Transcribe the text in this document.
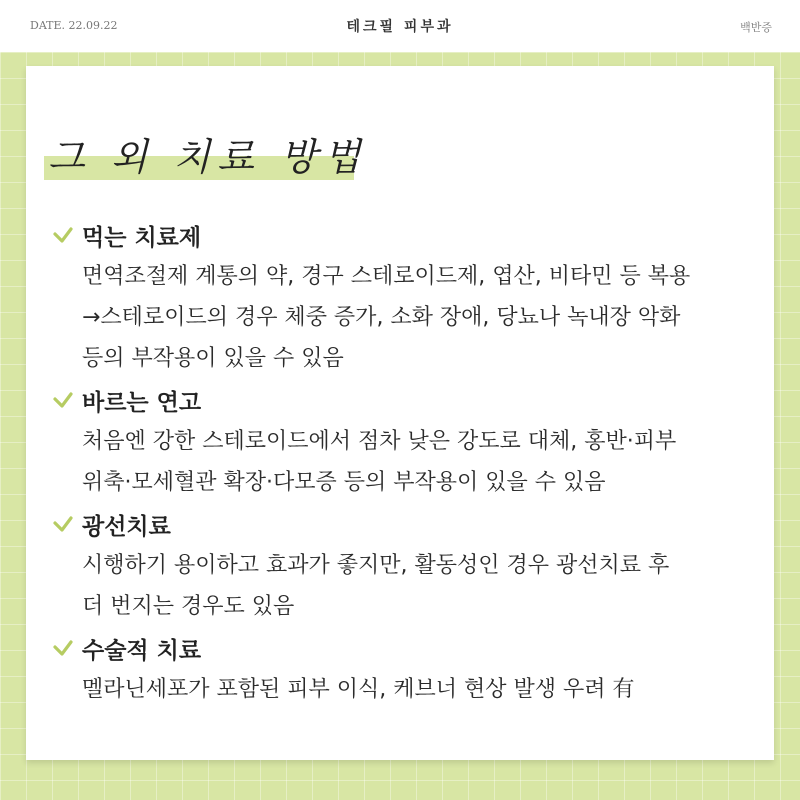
DATE. 22.09.22	테크필 피부과	백반증
그 외 치료 방법
먹는 치료제
면역조절제 계통의 약, 경구 스테로이드제, 엽산, 비타민 등 복용
→스테로이드의 경우 체중 증가, 소화 장애, 당뇨나 녹내장 악화
등의 부작용이 있을 수 있음
바르는 연고
처음엔 강한 스테로이드에서 점차 낮은 강도로 대체, 홍반·피부
위축·모세혈관 확장·다모증 등의 부작용이 있을 수 있음
광선치료
시행하기 용이하고 효과가 좋지만, 활동성인 경우 광선치료 후
더 번지는 경우도 있음
수술적 치료
멜라닌세포가 포함된 피부 이식, 케브너 현상 발생 우려 有
